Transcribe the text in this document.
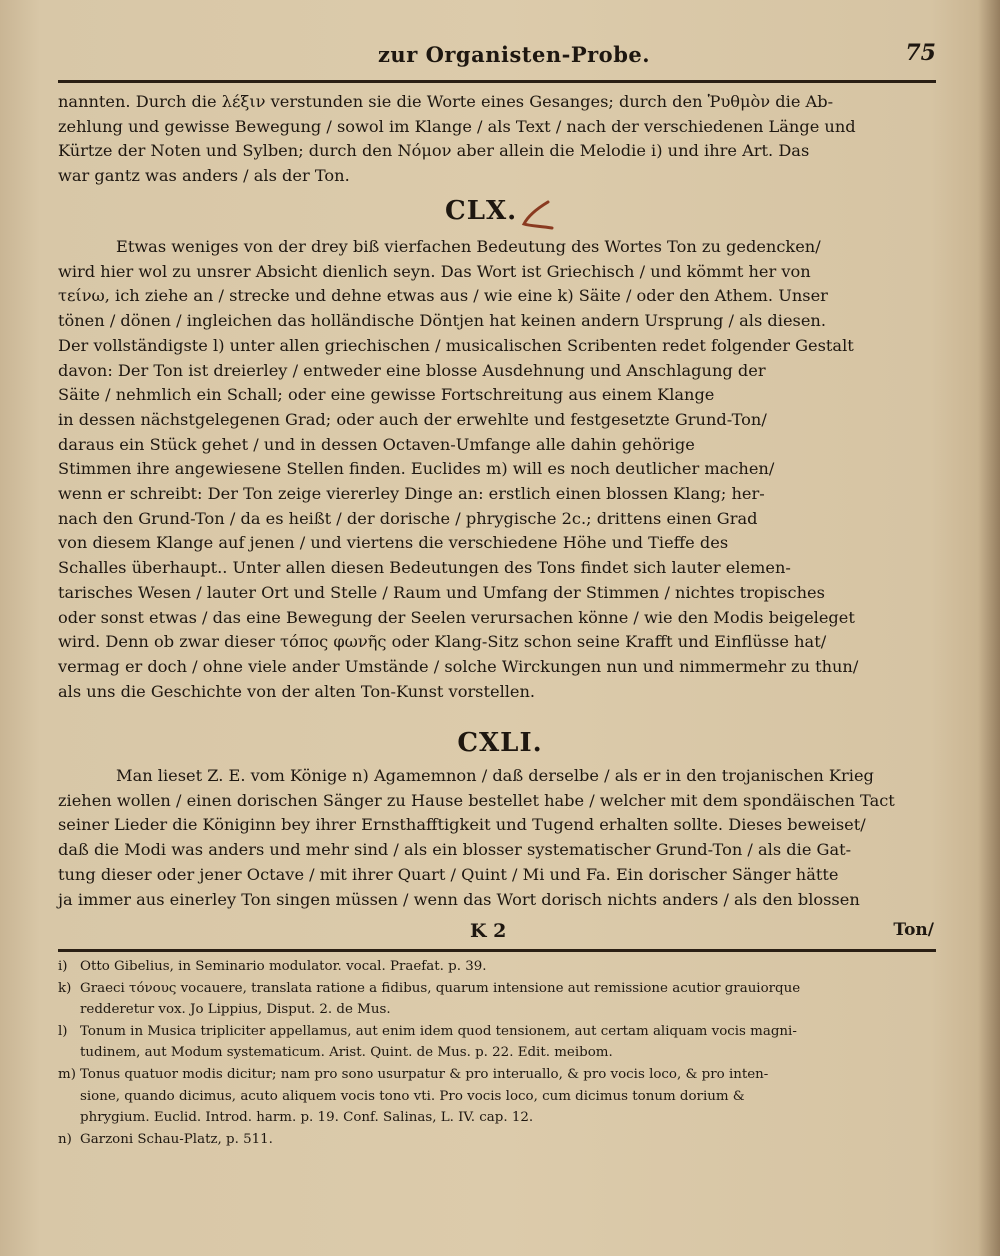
zur Organisten-Probe.	75

nannten. Durch die λέξιν verstunden sie die Worte eines Gesanges; durch den Ῥυθμὸν die Ab-

zehlung und gewisse Bewegung / sowol im Klange / als Text / nach der verschiedenen Länge und

Kürtze der Noten und Sylben; durch den Νόμον aber allein die Melodie i) und ihre Art. Das

war gantz was anders / als der Ton.

CLX.

Etwas weniges von der drey biß vierfachen Bedeutung des Wortes Ton zu gedencken/

wird hier wol zu unsrer Absicht dienlich seyn. Das Wort ist Griechisch / und kömmt her von

τείνω, ich ziehe an / strecke und dehne etwas aus / wie eine k) Säite / oder den Athem. Unser

tönen / dönen / ingleichen das holländische Döntjen hat keinen andern Ursprung / als diesen.

Der vollständigste l) unter allen griechischen / musicalischen Scribenten redet folgender Gestalt

davon: Der Ton ist dreierley / entweder eine blosse Ausdehnung und Anschlagung der

Säite / nehmlich ein Schall; oder eine gewisse Fortschreitung aus einem Klange

in dessen nächstgelegenen Grad; oder auch der erwehlte und festgesetzte Grund-Ton/

daraus ein Stück gehet / und in dessen Octaven-Umfange alle dahin gehörige

Stimmen ihre angewiesene Stellen finden. Euclides m) will es noch deutlicher machen/

wenn er schreibt: Der Ton zeige viererley Dinge an: erstlich einen blossen Klang; her-

nach den Grund-Ton / da es heißt / der dorische / phrygische 2c.; drittens einen Grad

von diesem Klange auf jenen / und viertens die verschiedene Höhe und Tieffe des

Schalles überhaupt.. Unter allen diesen Bedeutungen des Tons findet sich lauter elemen-

tarisches Wesen / lauter Ort und Stelle / Raum und Umfang der Stimmen / nichtes tropisches

oder sonst etwas / das eine Bewegung der Seelen verursachen könne / wie den Modis beigeleget

wird. Denn ob zwar dieser τόπος φωνῆς oder Klang-Sitz schon seine Krafft und Einflüsse hat/

vermag er doch / ohne viele ander Umstände / solche Wirckungen nun und nimmermehr zu thun/

als uns die Geschichte von der alten Ton-Kunst vorstellen.

CXLI.

Man lieset Z. E. vom Könige n) Agamemnon / daß derselbe / als er in den trojanischen Krieg

ziehen wollen / einen dorischen Sänger zu Hause bestellet habe / welcher mit dem spondäischen Tact

seiner Lieder die Königinn bey ihrer Ernsthafftigkeit und Tugend erhalten sollte. Dieses beweiset/

daß die Modi was anders und mehr sind / als ein blosser systematischer Grund-Ton / als die Gat-

tung dieser oder jener Octave / mit ihrer Quart / Quint / Mi und Fa. Ein dorischer Sänger hätte

ja immer aus einerley Ton singen müssen / wenn das Wort dorisch nichts anders / als den blossen

K 2	Ton/
i) Otto Gibelius, in Seminario modulator. vocal. Praefat. p. 39.
k) Graeci τόνους vocauere, translata ratione a fidibus, quarum intensione aut remissione acutior grauiorque
redderetur vox. Jo Lippius, Disput. 2. de Mus.
l) Tonum in Musica tripliciter appellamus, aut enim idem quod tensionem, aut certam aliquam vocis magni-
tudinem, aut Modum systematicum. Arist. Quint. de Mus. p. 22. Edit. meibom.
m) Tonus quatuor modis dicitur; nam pro sono usurpatur & pro interuallo, & pro vocis loco, & pro inten-
sione, quando dicimus, acuto aliquem vocis tono vti. Pro vocis loco, cum dicimus tonum dorium &
phrygium. Euclid. Introd. harm. p. 19. Conf. Salinas, L. IV. cap. 12.
n) Garzoni Schau-Platz, p. 511.
